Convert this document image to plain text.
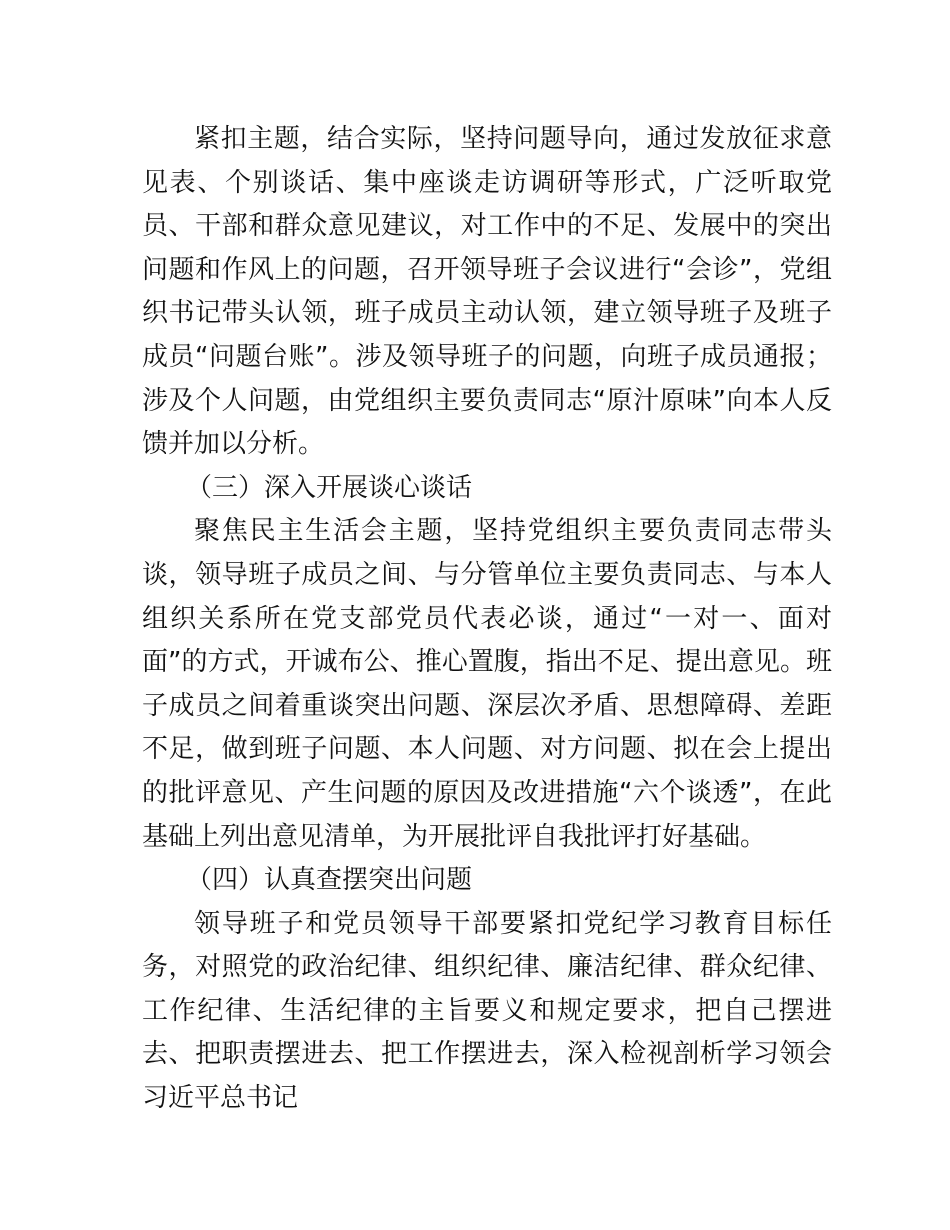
紧扣主题，结合实际，坚持问题导向，通过发放征求意见表、个别谈话、集中座谈走访调研等形式，广泛听取党员、干部和群众意见建议，对工作中的不足、发展中的突出问题和作风上的问题，召开领导班子会议进行“会诊”，党组织书记带头认领，班子成员主动认领，建立领导班子及班子成员“问题台账”。涉及领导班子的问题，向班子成员通报；涉及个人问题，由党组织主要负责同志“原汁原味”向本人反馈并加以分析。

（三）深入开展谈心谈话

聚焦民主生活会主题，坚持党组织主要负责同志带头谈，领导班子成员之间、与分管单位主要负责同志、与本人组织关系所在党支部党员代表必谈，通过“一对一、面对面”的方式，开诚布公、推心置腹，指出不足、提出意见。班子成员之间着重谈突出问题、深层次矛盾、思想障碍、差距不足，做到班子问题、本人问题、对方问题、拟在会上提出的批评意见、产生问题的原因及改进措施“六个谈透”，在此基础上列出意见清单，为开展批评自我批评打好基础。

（四）认真查摆突出问题

领导班子和党员领导干部要紧扣党纪学习教育目标任务，对照党的政治纪律、组织纪律、廉洁纪律、群众纪律、工作纪律、生活纪律的主旨要义和规定要求，把自己摆进去、把职责摆进去、把工作摆进去，深入检视剖析学习领会习近平总书记
